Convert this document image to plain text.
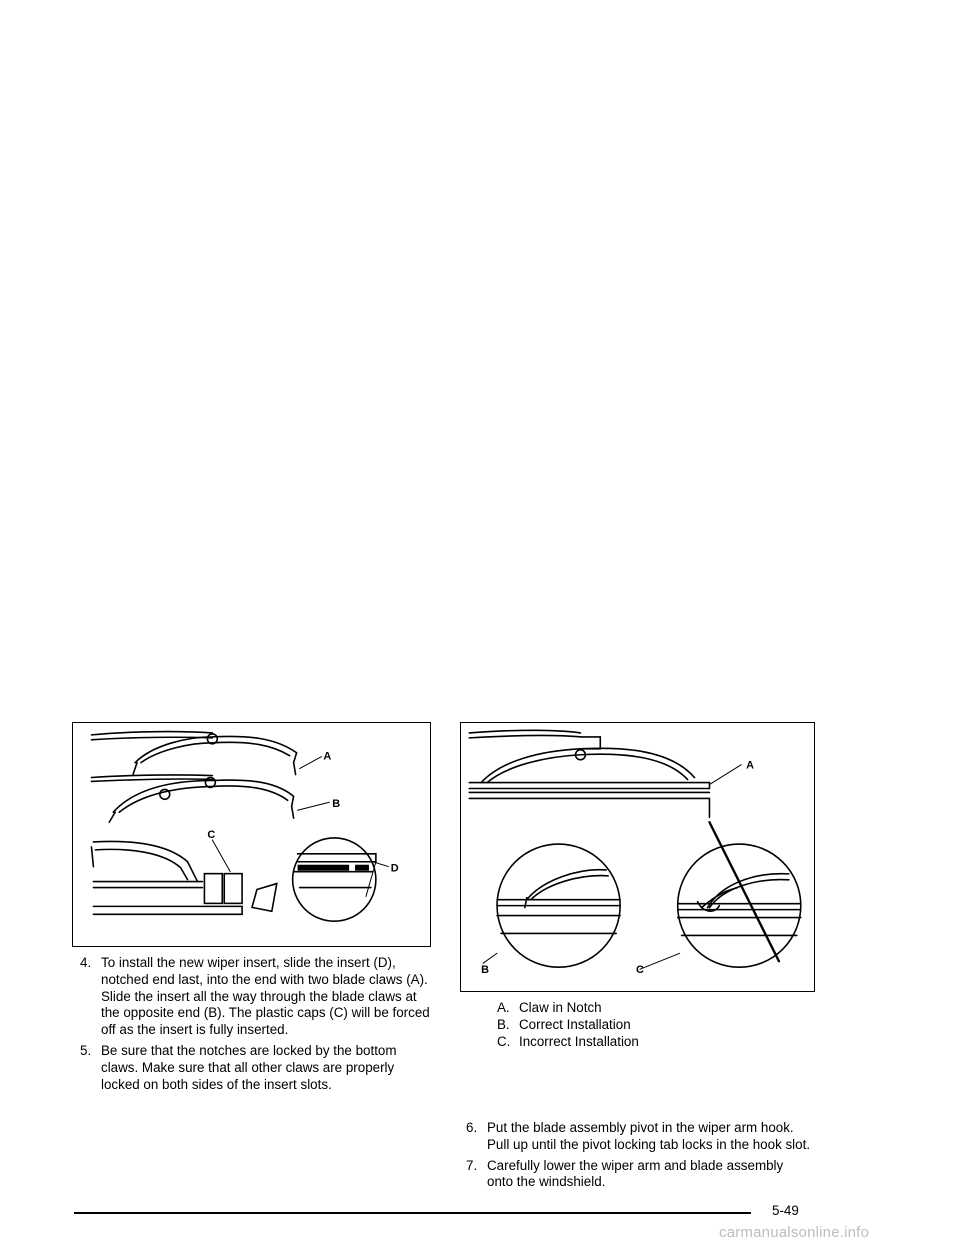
A
B
C
D
4. To install the new wiper insert, slide the insert (D), notched end last, into the end with two blade claws (A). Slide the insert all the way through the blade claws at the opposite end (B). The plastic caps (C) will be forced off as the insert is fully inserted.
5. Be sure that the notches are locked by the bottom claws. Make sure that all other claws are properly locked on both sides of the insert slots.
A
B	C
A. Claw in Notch
B. Correct Installation
C. Incorrect Installation
6. Put the blade assembly pivot in the wiper arm hook. Pull up until the pivot locking tab locks in the hook slot.
7. Carefully lower the wiper arm and blade assembly onto the windshield.
5-49
carmanualsonline.info
